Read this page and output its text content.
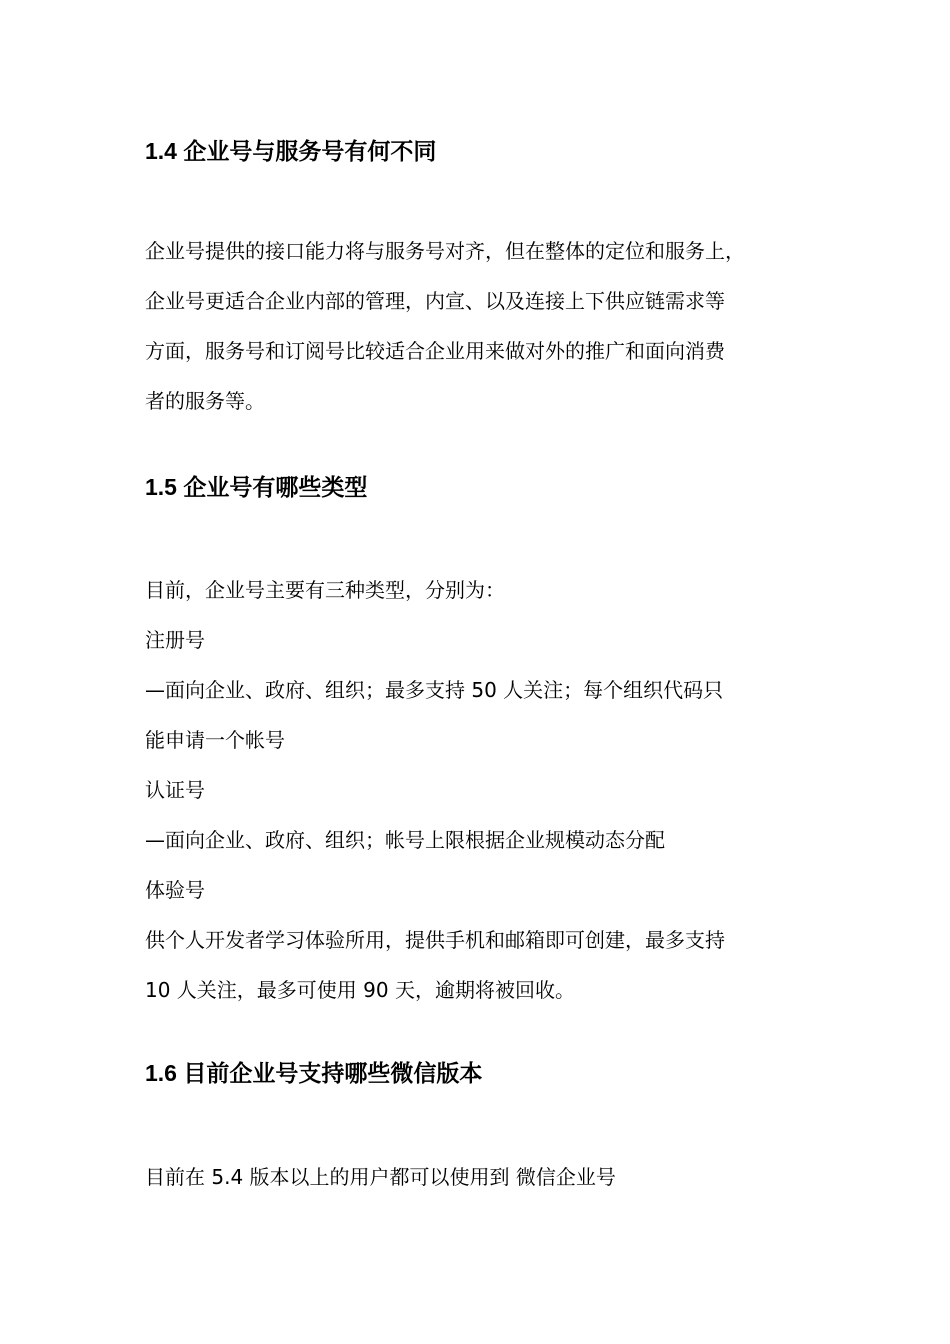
1.4 企业号与服务号有何不同

企业号提供的接口能力将与服务号对齐，但在整体的定位和服务上，

企业号更适合企业内部的管理，内宣、以及连接上下供应链需求等

方面，服务号和订阅号比较适合企业用来做对外的推广和面向消费

者的服务等。

1.5 企业号有哪些类型

目前，企业号主要有三种类型，分别为：

注册号

—面向企业、政府、组织；最多支持 50 人关注；每个组织代码只

能申请一个帐号

认证号

—面向企业、政府、组织；帐号上限根据企业规模动态分配

体验号

供个人开发者学习体验所用，提供手机和邮箱即可创建，最多支持

10 人关注，最多可使用 90 天，逾期将被回收。

1.6 目前企业号支持哪些微信版本

目前在 5.4 版本以上的用户都可以使用到 微信企业号
